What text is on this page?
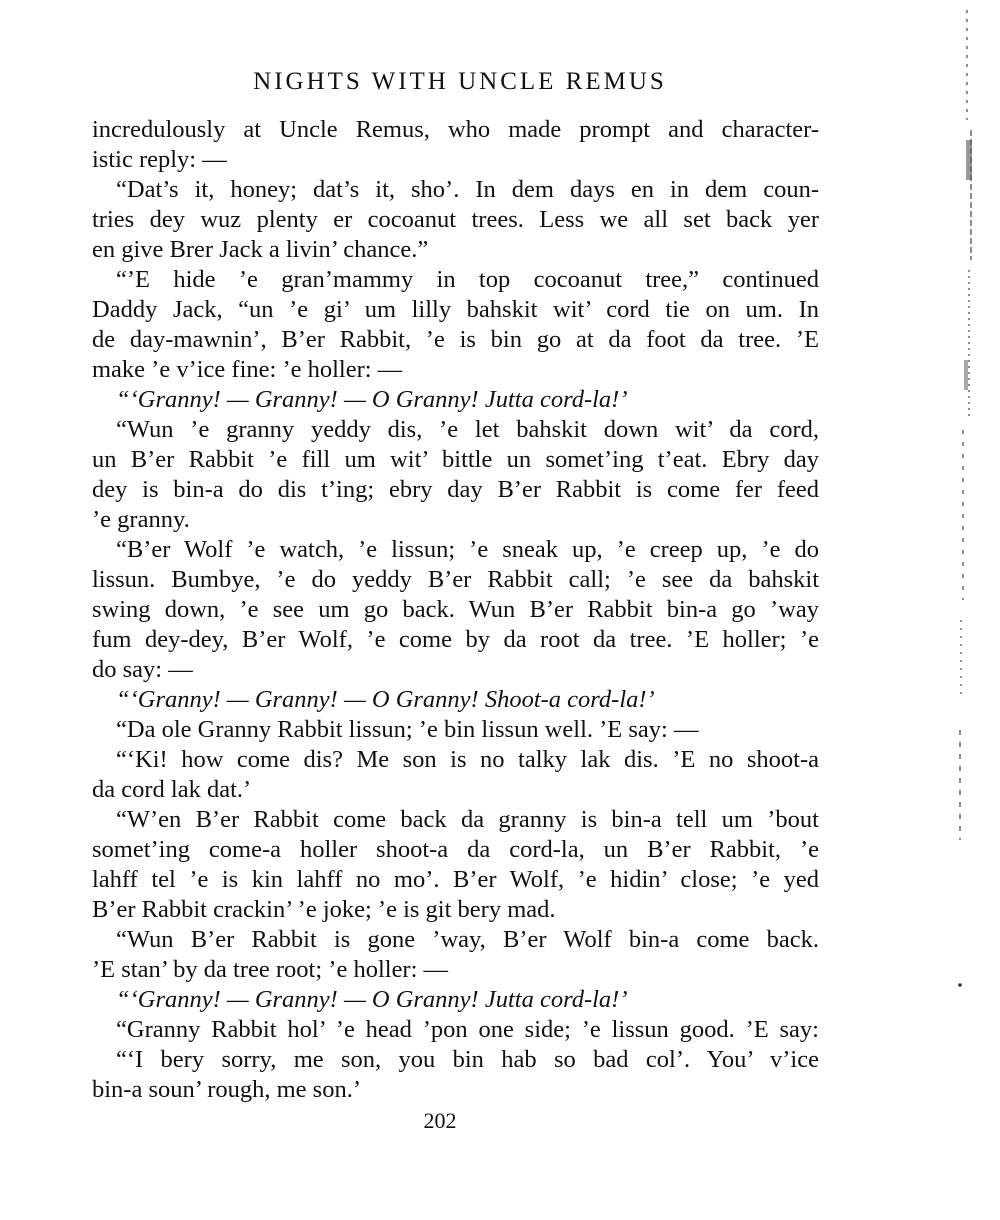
NIGHTS WITH UNCLE REMUS
incredulously at Uncle Remus, who made prompt and character-
istic reply: —
“Dat’s it, honey; dat’s it, sho’. In dem days en in dem coun-
tries dey wuz plenty er cocoanut trees. Less we all set back yer
en give Brer Jack a livin’ chance.”
“’E hide ’e gran’mammy in top cocoanut tree,” continued
Daddy Jack, “un ’e gi’ um lilly bahskit wit’ cord tie on um. In
de day-mawnin’, B’er Rabbit, ’e is bin go at da foot da tree. ’E
make ’e v’ice fine: ’e holler: —
“‘Granny! — Granny! — O Granny! Jutta cord-la!’
“Wun ’e granny yeddy dis, ’e let bahskit down wit’ da cord,
un B’er Rabbit ’e fill um wit’ bittle un somet’ing t’eat. Ebry day
dey is bin-a do dis t’ing; ebry day B’er Rabbit is come fer feed
’e granny.
“B’er Wolf ’e watch, ’e lissun; ’e sneak up, ’e creep up, ’e do
lissun. Bumbye, ’e do yeddy B’er Rabbit call; ’e see da bahskit
swing down, ’e see um go back. Wun B’er Rabbit bin-a go ’way
fum dey-dey, B’er Wolf, ’e come by da root da tree. ’E holler; ’e
do say: —
“‘Granny! — Granny! — O Granny! Shoot-a cord-la!’
“Da ole Granny Rabbit lissun; ’e bin lissun well. ’E say: —
“‘Ki! how come dis? Me son is no talky lak dis. ’E no shoot-a
da cord lak dat.’
“W’en B’er Rabbit come back da granny is bin-a tell um ’bout
somet’ing come-a holler shoot-a da cord-la, un B’er Rabbit, ’e
lahff tel ’e is kin lahff no mo’. B’er Wolf, ’e hidin’ close; ’e yed
B’er Rabbit crackin’ ’e joke; ’e is git bery mad.
“Wun B’er Rabbit is gone ’way, B’er Wolf bin-a come back.
’E stan’ by da tree root; ’e holler: —
“‘Granny! — Granny! — O Granny! Jutta cord-la!’
“Granny Rabbit hol’ ’e head ’pon one side; ’e lissun good. ’E say:
“‘I bery sorry, me son, you bin hab so bad col’. You’ v’ice
bin-a soun’ rough, me son.’
202
